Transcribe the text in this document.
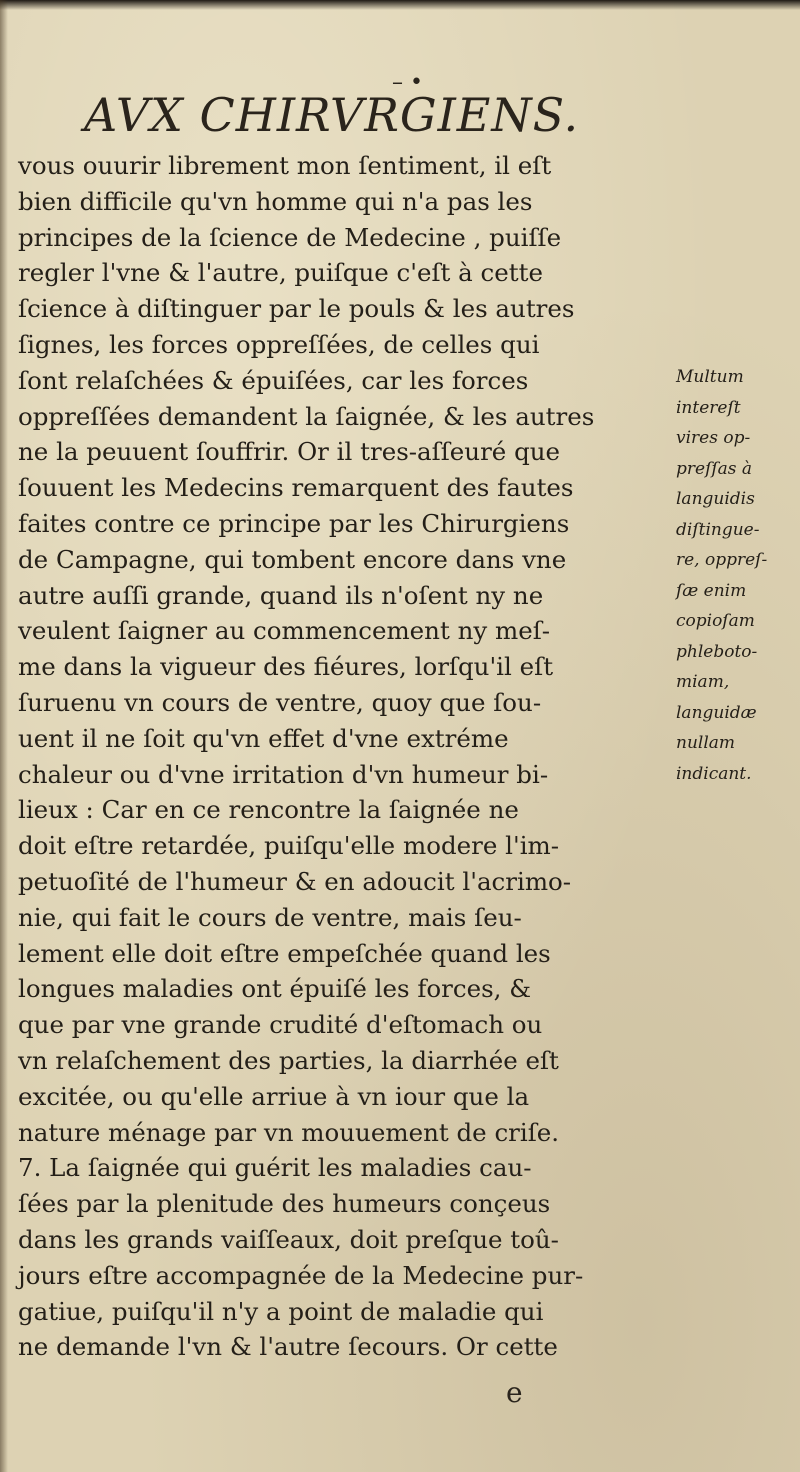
– •
AVX CHIRVRGIENS.
vous ouurir librement mon ſentiment, il eſt
bien difficile qu'vn homme qui n'a pas les
principes de la ſcience de Medecine , puiſſe
regler l'vne & l'autre, puiſque c'eſt à cette
ſcience à diſtinguer par le pouls & les autres
ſignes, les forces oppreſſées, de celles qui
ſont relaſchées & épuiſées, car les forces
oppreſſées demandent la ſaignée, & les autres
ne la peuuent ſouffrir. Or il tres-aſſeuré que
ſouuent les Medecins remarquent des fautes
faites contre ce principe par les Chirurgiens
de Campagne, qui tombent encore dans vne
autre auſſi grande, quand ils n'oſent ny ne
veulent ſaigner au commencement ny meſ-
me dans la vigueur des fiéures, lorſqu'il eſt
ſuruenu vn cours de ventre, quoy que ſou-
uent il ne ſoit qu'vn effet d'vne extréme
chaleur ou d'vne irritation d'vn humeur bi-
lieux : Car en ce rencontre la ſaignée ne
doit eſtre retardée, puiſqu'elle modere l'im-
petuoſité de l'humeur & en adoucit l'acrimo-
nie, qui fait le cours de ventre, mais ſeu-
lement elle doit eſtre empeſchée quand les
longues maladies ont épuiſé les forces, &
que par vne grande crudité d'eſtomach ou
vn relaſchement des parties, la diarrhée eſt
excitée, ou qu'elle arriue à vn iour que la
nature ménage par vn mouuement de criſe.
7. La ſaignée qui guérit les maladies cau-
ſées par la plenitude des humeurs conçeus
dans les grands vaiſſeaux, doit preſque toû-
jours eſtre accompagnée de la Medecine pur-
gatiue, puiſqu'il n'y a point de maladie qui
ne demande l'vn & l'autre ſecours. Or cette
Multum
intereſt
vires op-
preſſas à
languidis
diſtingue-
re, oppreſ-
ſæ enim
copioſam
phleboto-
miam,
languidæ
nullam
indicant.
e
